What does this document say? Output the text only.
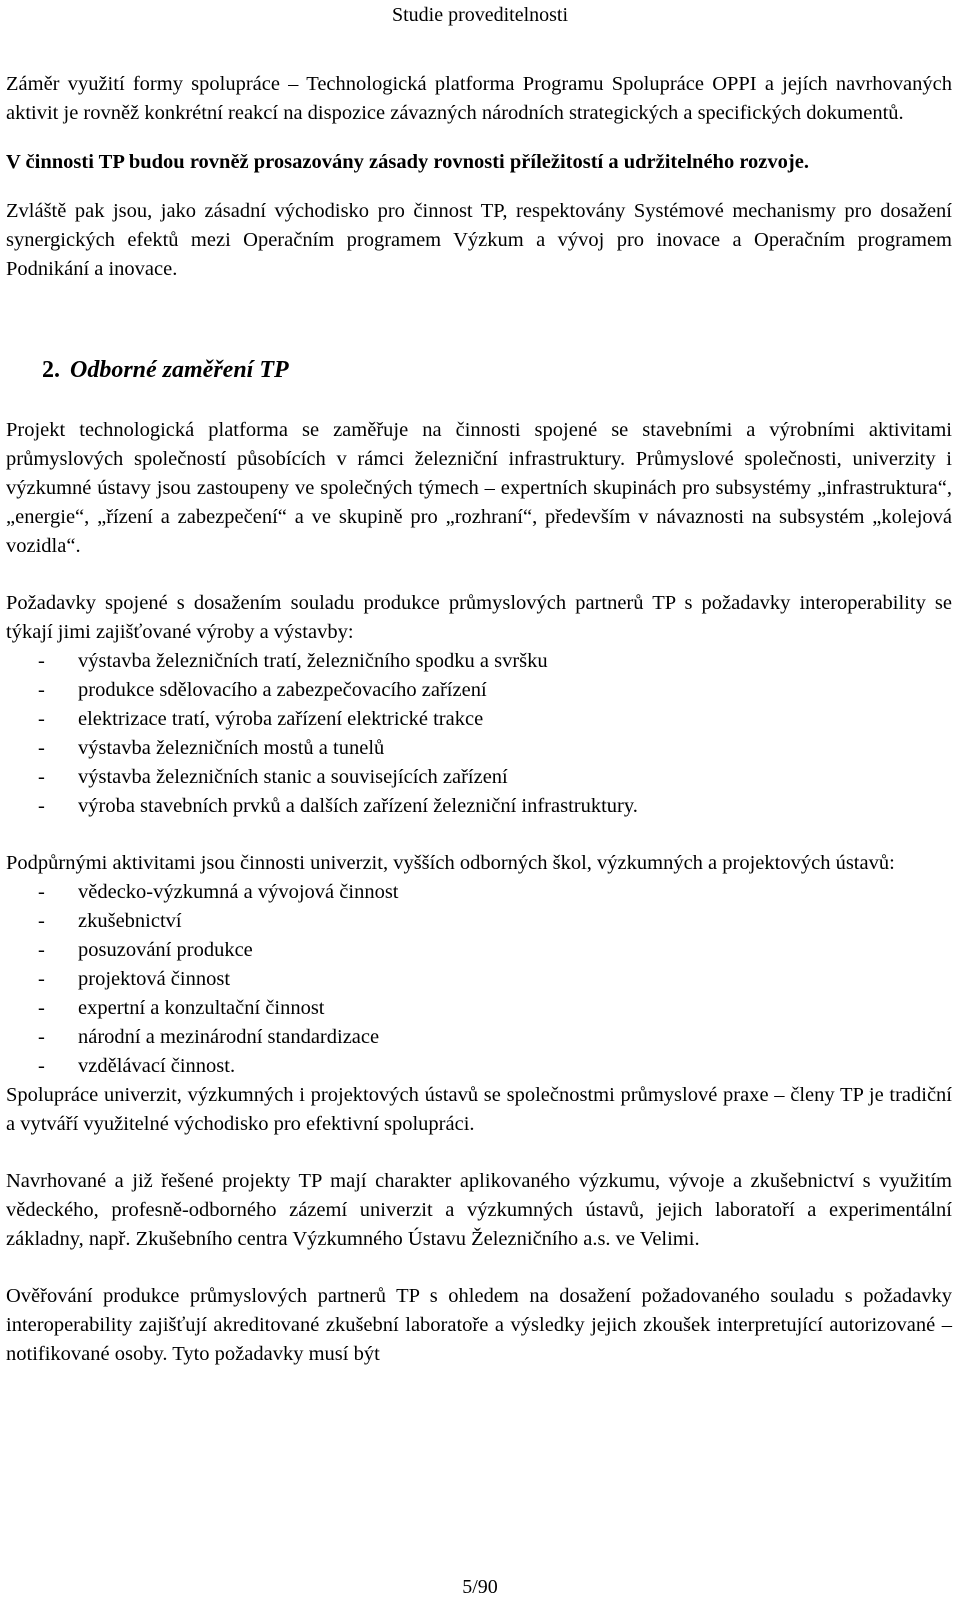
Studie proveditelnosti

Záměr využití formy spolupráce – Technologická platforma Programu Spolupráce OPPI a jejích navrhovaných aktivit je rovněž konkrétní reakcí na dispozice závazných národních strategických a specifických dokumentů.

V činnosti TP budou rovněž prosazovány zásady rovnosti příležitostí a udržitelného rozvoje.

Zvláště pak jsou, jako zásadní východisko pro činnost TP, respektovány Systémové mechanismy pro dosažení synergických efektů mezi Operačním programem Výzkum a vývoj pro inovace a Operačním programem Podnikání a inovace.

2. Odborné zaměření TP

Projekt technologická platforma se zaměřuje na činnosti spojené se stavebními a výrobními aktivitami průmyslových společností působících v rámci železniční infrastruktury. Průmyslové společnosti, univerzity i výzkumné ústavy jsou zastoupeny ve společných týmech – expertních skupinách pro subsystémy „infrastruktura“, „energie“, „řízení a zabezpečení“ a ve skupině pro „rozhraní“, především v návaznosti na subsystém „kolejová vozidla“.

Požadavky spojené s dosažením souladu produkce průmyslových partnerů TP s požadavky interoperability se týkají jimi zajišťované výroby a výstavby:

- výstavba železničních tratí, železničního spodku a svršku
- produkce sdělovacího a zabezpečovacího zařízení
- elektrizace tratí, výroba zařízení elektrické trakce
- výstavba železničních mostů a tunelů
- výstavba železničních stanic a souvisejících zařízení
- výroba stavebních prvků a dalších zařízení železniční infrastruktury.

Podpůrnými aktivitami jsou činnosti univerzit, vyšších odborných škol, výzkumných a projektových ústavů:

- vědecko-výzkumná a vývojová činnost
- zkušebnictví
- posuzování produkce
- projektová činnost
- expertní a konzultační činnost
- národní a mezinárodní standardizace
- vzdělávací činnost.

Spolupráce univerzit, výzkumných i projektových ústavů se společnostmi průmyslové praxe – členy TP je tradiční a vytváří využitelné východisko pro efektivní spolupráci.

Navrhované a již řešené projekty TP mají charakter aplikovaného výzkumu, vývoje a zkušebnictví s využitím vědeckého, profesně-odborného zázemí univerzit a výzkumných ústavů, jejich laboratoří a experimentální základny, např. Zkušebního centra Výzkumného Ústavu Železničního a.s. ve Velimi.

Ověřování produkce průmyslových partnerů TP s ohledem na dosažení požadovaného souladu s požadavky interoperability zajišťují akreditované zkušební laboratoře a výsledky jejich zkoušek interpretující autorizované – notifikované osoby. Tyto požadavky musí být

5/90
